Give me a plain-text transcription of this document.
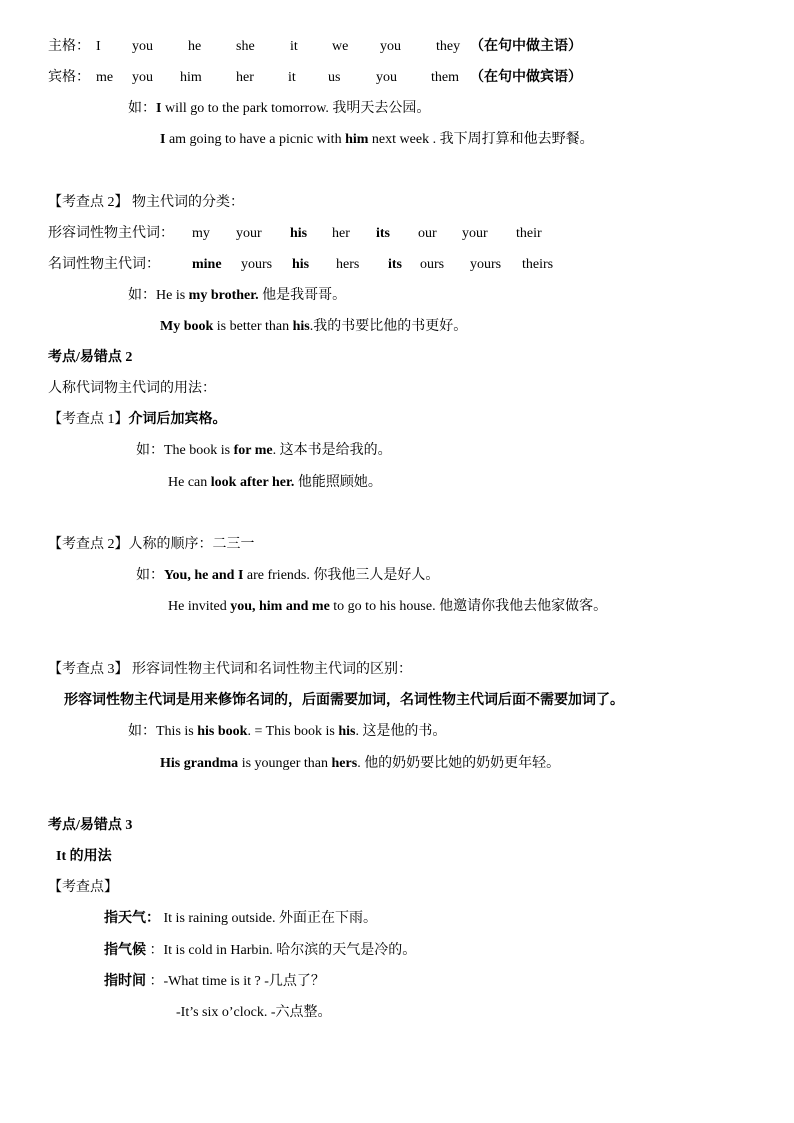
主格： I you	he she	it we you	they （在句中做主语）
宾格： me you him her it us	you them （在句中做宾语）
如：I will go to the park tomorrow. 我明天去公园。
I am going to have a picnic with him next week . 我下周打算和他去野餐。
【考查点 2】 物主代词的分类：
形容词性物主代词： my your his her its our your their
名词性物主代词： mine yours his hers its ours yours theirs
如：He is my brother. 他是我哥哥。
My book is better than his.我的书要比他的书更好。
考点/易错点 2
人称代词物主代词的用法：
【考查点 1】介词后加宾格。
如：The book is for me. 这本书是给我的。
He can look after her. 他能照顾她。
【考查点 2】人称的顺序：二三一
如：You, he and I are friends. 你我他三人是好人。
He invited you, him and me to go to his house. 他邀请你我他去他家做客。
【考查点 3】 形容词性物主代词和名词性物主代词的区别：
形容词性物主代词是用来修饰名词的，后面需要加词，名词性物主代词后面不需要加词了。
如：This is his book. = This book is his. 这是他的书。
His grandma is younger than hers. 他的奶奶要比她的奶奶更年轻。
考点/易错点 3
It 的用法
【考查点】
指天气： It is raining outside. 外面正在下雨。
指气候 ：It is cold in Harbin. 哈尔滨的天气是冷的。
指时间 ：-What time is it ? -几点了？
-It’s six o’clock. -六点整。
